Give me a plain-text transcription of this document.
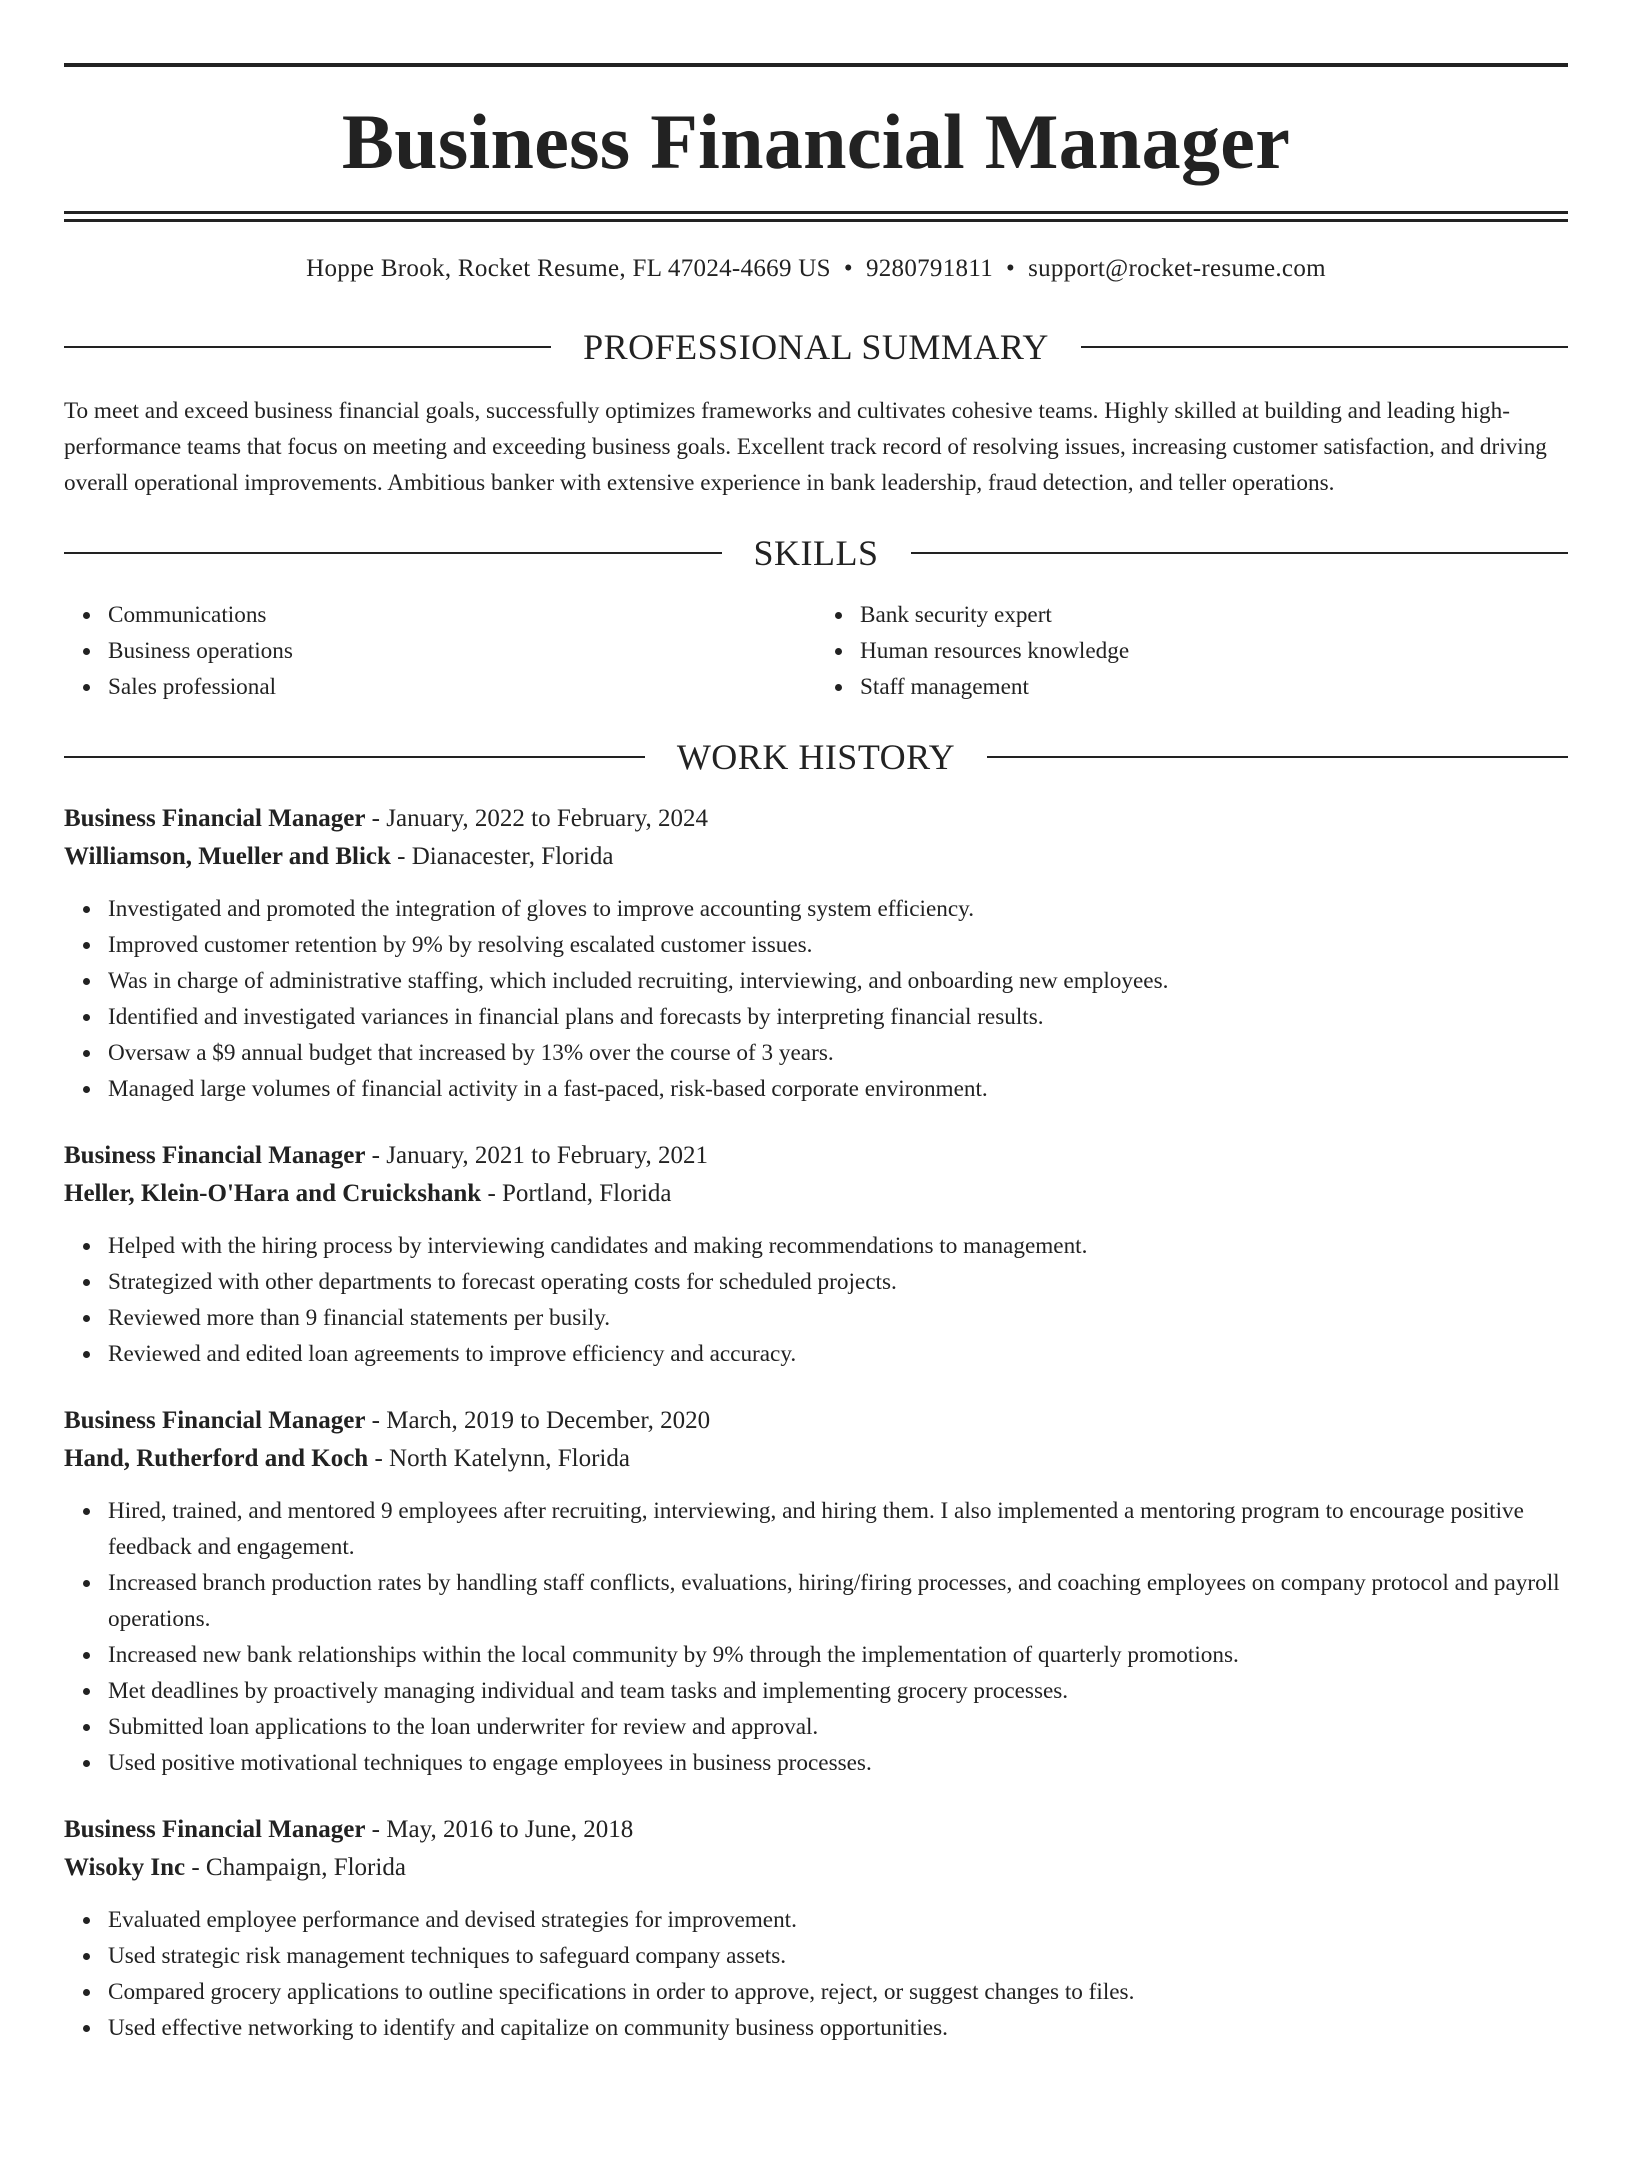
Business Financial Manager
Hoppe Brook, Rocket Resume, FL 47024-4669 US • 9280791811 • support@rocket-resume.com
PROFESSIONAL SUMMARY
To meet and exceed business financial goals, successfully optimizes frameworks and cultivates cohesive teams. Highly skilled at building and leading high-performance teams that focus on meeting and exceeding business goals. Excellent track record of resolving issues, increasing customer satisfaction, and driving overall operational improvements. Ambitious banker with extensive experience in bank leadership, fraud detection, and teller operations.
SKILLS
Communications
Business operations
Sales professional
Bank security expert
Human resources knowledge
Staff management
WORK HISTORY
Business Financial Manager - January, 2022 to February, 2024
Williamson, Mueller and Blick - Dianacester, Florida
Investigated and promoted the integration of gloves to improve accounting system efficiency.
Improved customer retention by 9% by resolving escalated customer issues.
Was in charge of administrative staffing, which included recruiting, interviewing, and onboarding new employees.
Identified and investigated variances in financial plans and forecasts by interpreting financial results.
Oversaw a $9 annual budget that increased by 13% over the course of 3 years.
Managed large volumes of financial activity in a fast-paced, risk-based corporate environment.
Business Financial Manager - January, 2021 to February, 2021
Heller, Klein-O'Hara and Cruickshank - Portland, Florida
Helped with the hiring process by interviewing candidates and making recommendations to management.
Strategized with other departments to forecast operating costs for scheduled projects.
Reviewed more than 9 financial statements per busily.
Reviewed and edited loan agreements to improve efficiency and accuracy.
Business Financial Manager - March, 2019 to December, 2020
Hand, Rutherford and Koch - North Katelynn, Florida
Hired, trained, and mentored 9 employees after recruiting, interviewing, and hiring them. I also implemented a mentoring program to encourage positive feedback and engagement.
Increased branch production rates by handling staff conflicts, evaluations, hiring/firing processes, and coaching employees on company protocol and payroll operations.
Increased new bank relationships within the local community by 9% through the implementation of quarterly promotions.
Met deadlines by proactively managing individual and team tasks and implementing grocery processes.
Submitted loan applications to the loan underwriter for review and approval.
Used positive motivational techniques to engage employees in business processes.
Business Financial Manager - May, 2016 to June, 2018
Wisoky Inc - Champaign, Florida
Evaluated employee performance and devised strategies for improvement.
Used strategic risk management techniques to safeguard company assets.
Compared grocery applications to outline specifications in order to approve, reject, or suggest changes to files.
Used effective networking to identify and capitalize on community business opportunities.
